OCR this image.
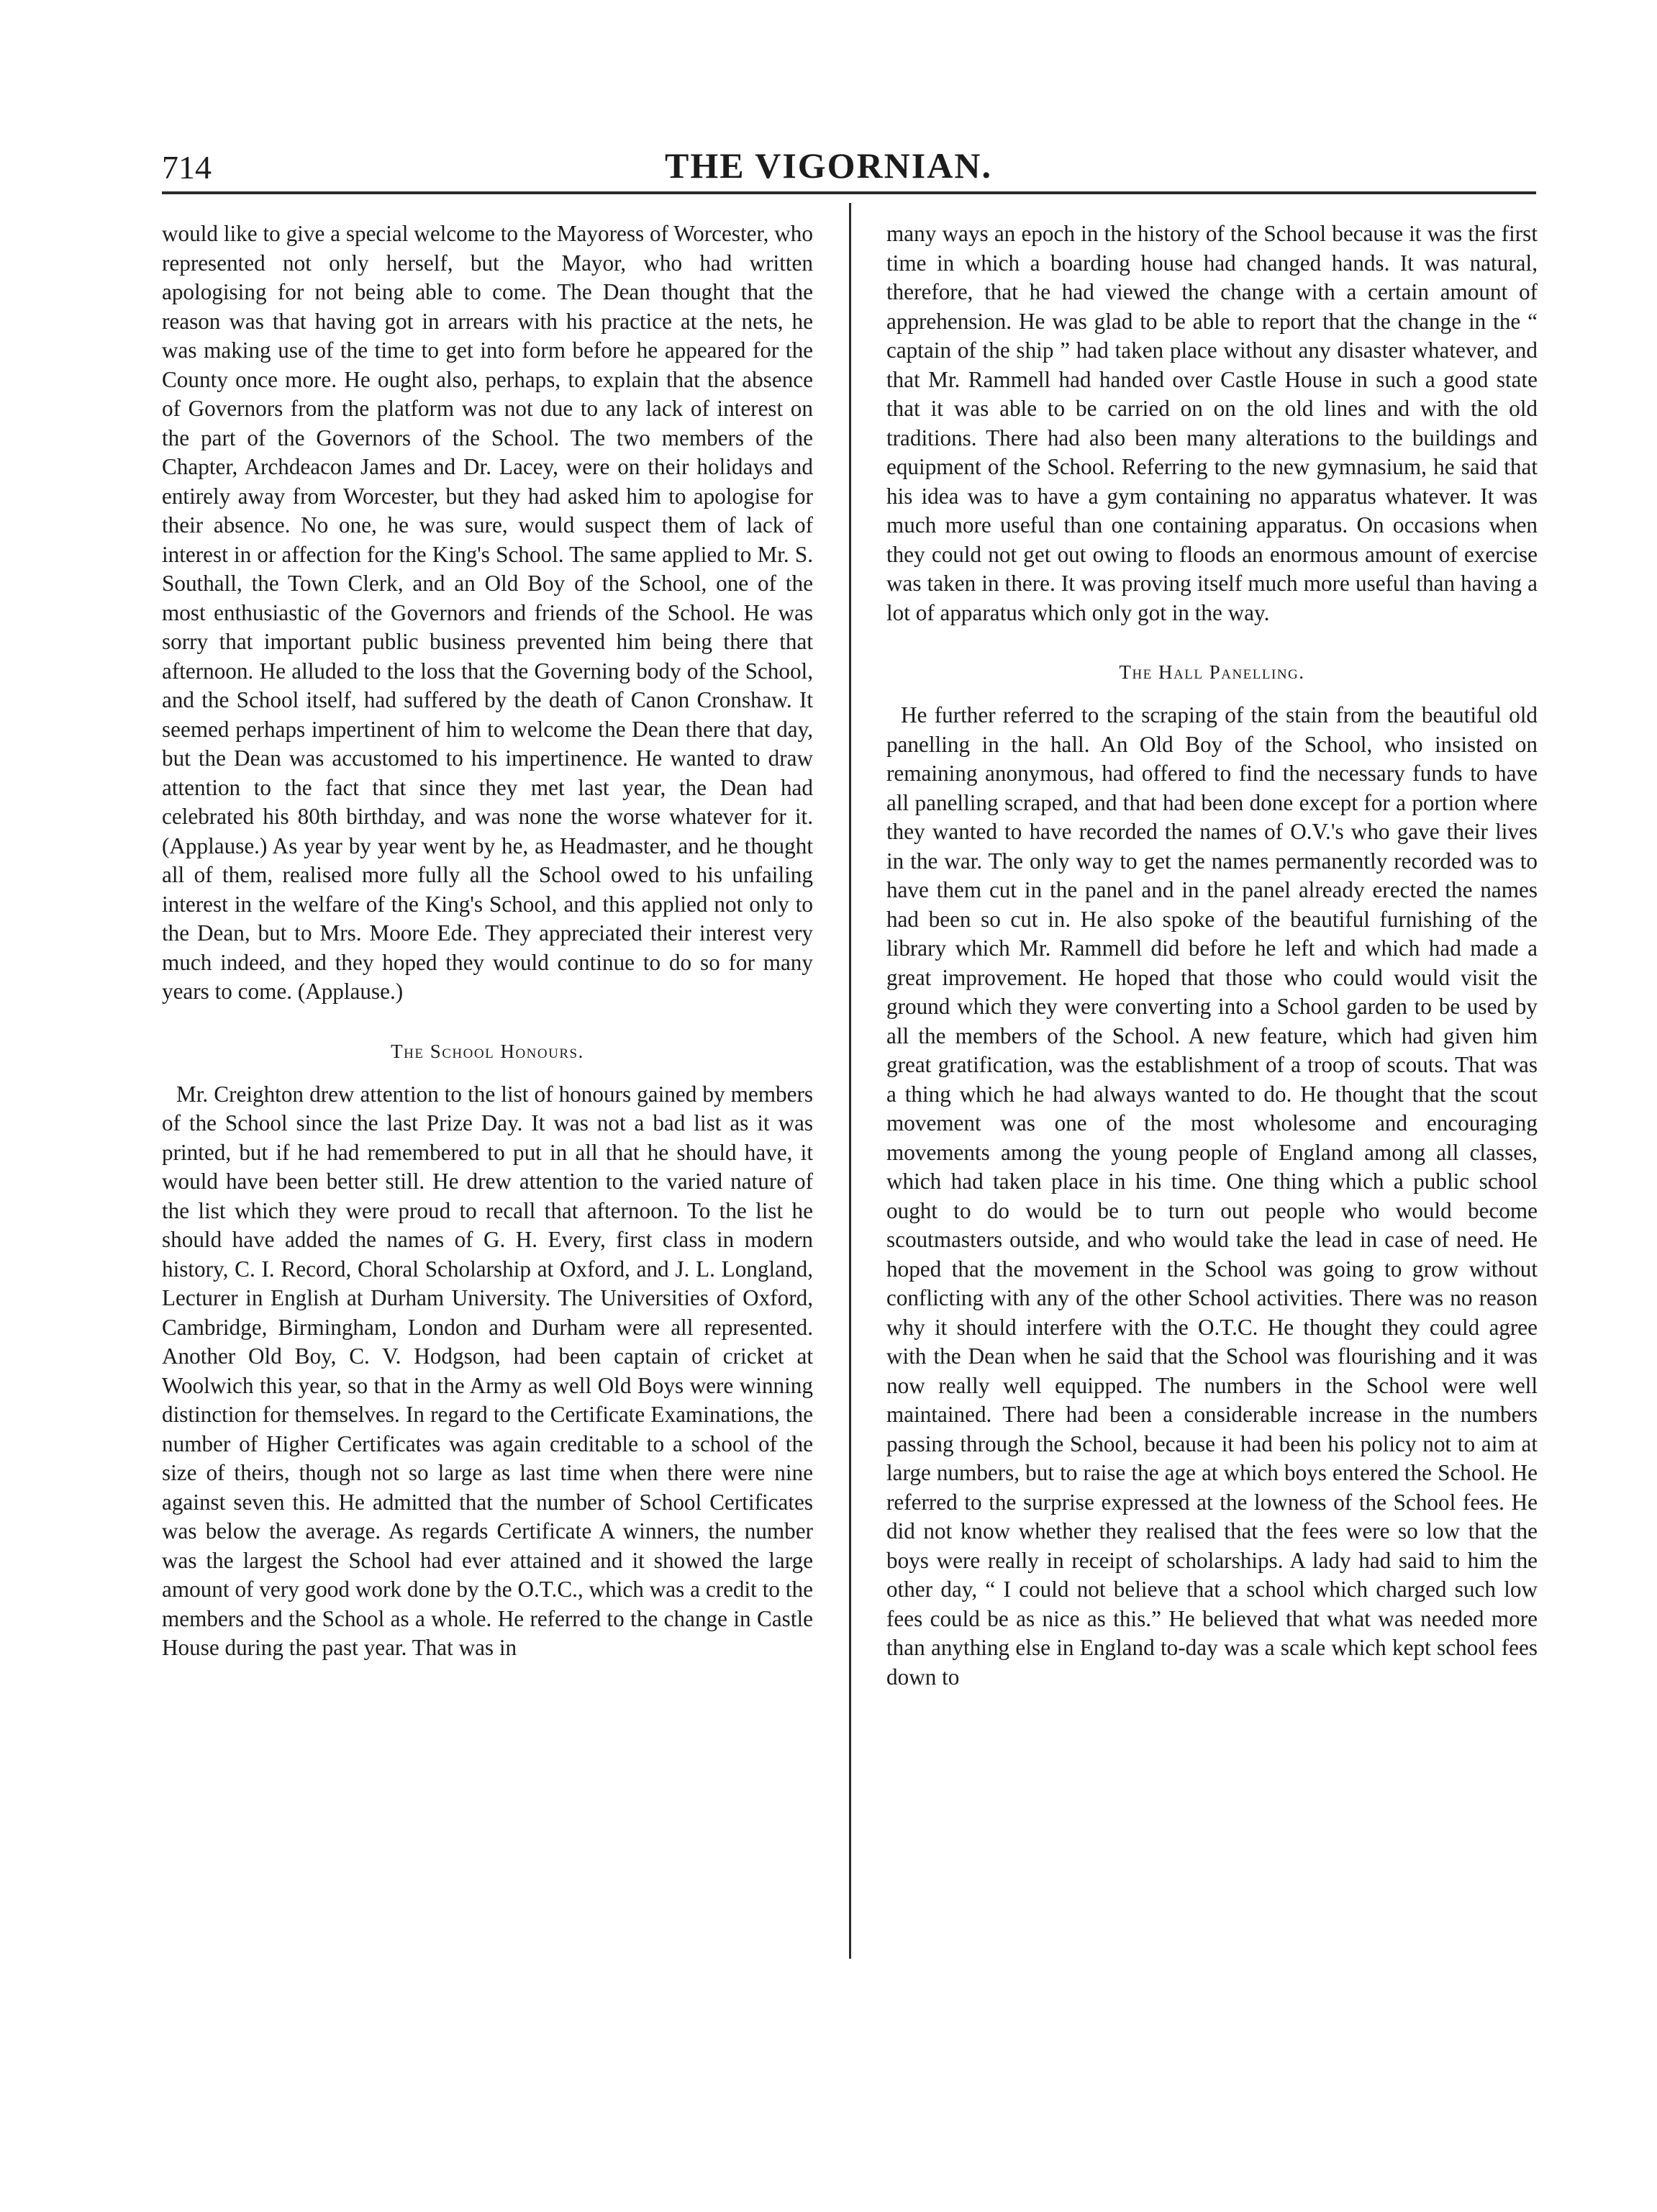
714	THE VIGORNIAN.

would like to give a special welcome to the Mayoress of Worcester, who represented not only herself, but the Mayor, who had written apologising for not being able to come. The Dean thought that the reason was that having got in arrears with his practice at the nets, he was making use of the time to get into form before he appeared for the County once more. He ought also, perhaps, to explain that the absence of Governors from the platform was not due to any lack of interest on the part of the Governors of the School. The two members of the Chapter, Archdeacon James and Dr. Lacey, were on their holidays and entirely away from Worcester, but they had asked him to apologise for their absence. No one, he was sure, would suspect them of lack of interest in or affection for the King's School. The same applied to Mr. S. Southall, the Town Clerk, and an Old Boy of the School, one of the most enthusiastic of the Governors and friends of the School. He was sorry that important public business prevented him being there that afternoon. He alluded to the loss that the Governing body of the School, and the School itself, had suffered by the death of Canon Cronshaw. It seemed perhaps impertinent of him to welcome the Dean there that day, but the Dean was accustomed to his impertinence. He wanted to draw attention to the fact that since they met last year, the Dean had celebrated his 80th birthday, and was none the worse whatever for it. (Applause.) As year by year went by he, as Headmaster, and he thought all of them, realised more fully all the School owed to his unfailing interest in the welfare of the King's School, and this applied not only to the Dean, but to Mrs. Moore Ede. They appreciated their interest very much indeed, and they hoped they would continue to do so for many years to come. (Applause.)

The School Honours.

Mr. Creighton drew attention to the list of honours gained by members of the School since the last Prize Day. It was not a bad list as it was printed, but if he had remembered to put in all that he should have, it would have been better still. He drew attention to the varied nature of the list which they were proud to recall that afternoon. To the list he should have added the names of G. H. Every, first class in modern history, C. I. Record, Choral Scholarship at Oxford, and J. L. Longland, Lecturer in English at Durham University. The Universities of Oxford, Cambridge, Birmingham, London and Durham were all represented. Another Old Boy, C. V. Hodgson, had been captain of cricket at Woolwich this year, so that in the Army as well Old Boys were winning distinction for themselves. In regard to the Certificate Examinations, the number of Higher Certificates was again creditable to a school of the size of theirs, though not so large as last time when there were nine against seven this. He admitted that the number of School Certificates was below the average. As regards Certificate A winners, the number was the largest the School had ever attained and it showed the large amount of very good work done by the O.T.C., which was a credit to the members and the School as a whole. He referred to the change in Castle House during the past year. That was in

many ways an epoch in the history of the School because it was the first time in which a boarding house had changed hands. It was natural, therefore, that he had viewed the change with a certain amount of apprehension. He was glad to be able to report that the change in the “ captain of the ship ” had taken place without any disaster whatever, and that Mr. Rammell had handed over Castle House in such a good state that it was able to be carried on on the old lines and with the old traditions. There had also been many alterations to the buildings and equipment of the School. Referring to the new gymnasium, he said that his idea was to have a gym containing no apparatus whatever. It was much more useful than one containing apparatus. On occasions when they could not get out owing to floods an enormous amount of exercise was taken in there. It was proving itself much more useful than having a lot of apparatus which only got in the way.

The Hall Panelling.

He further referred to the scraping of the stain from the beautiful old panelling in the hall. An Old Boy of the School, who insisted on remaining anonymous, had offered to find the necessary funds to have all panelling scraped, and that had been done except for a portion where they wanted to have recorded the names of O.V.'s who gave their lives in the war. The only way to get the names permanently recorded was to have them cut in the panel and in the panel already erected the names had been so cut in. He also spoke of the beautiful furnishing of the library which Mr. Rammell did before he left and which had made a great improvement. He hoped that those who could would visit the ground which they were converting into a School garden to be used by all the members of the School. A new feature, which had given him great gratification, was the establishment of a troop of scouts. That was a thing which he had always wanted to do. He thought that the scout movement was one of the most wholesome and encouraging movements among the young people of England among all classes, which had taken place in his time. One thing which a public school ought to do would be to turn out people who would become scoutmasters outside, and who would take the lead in case of need. He hoped that the movement in the School was going to grow without conflicting with any of the other School activities. There was no reason why it should interfere with the O.T.C. He thought they could agree with the Dean when he said that the School was flourishing and it was now really well equipped. The numbers in the School were well maintained. There had been a considerable increase in the numbers passing through the School, because it had been his policy not to aim at large numbers, but to raise the age at which boys entered the School. He referred to the surprise expressed at the lowness of the School fees. He did not know whether they realised that the fees were so low that the boys were really in receipt of scholarships. A lady had said to him the other day, “ I could not believe that a school which charged such low fees could be as nice as this.” He believed that what was needed more than anything else in England to-day was a scale which kept school fees down to
